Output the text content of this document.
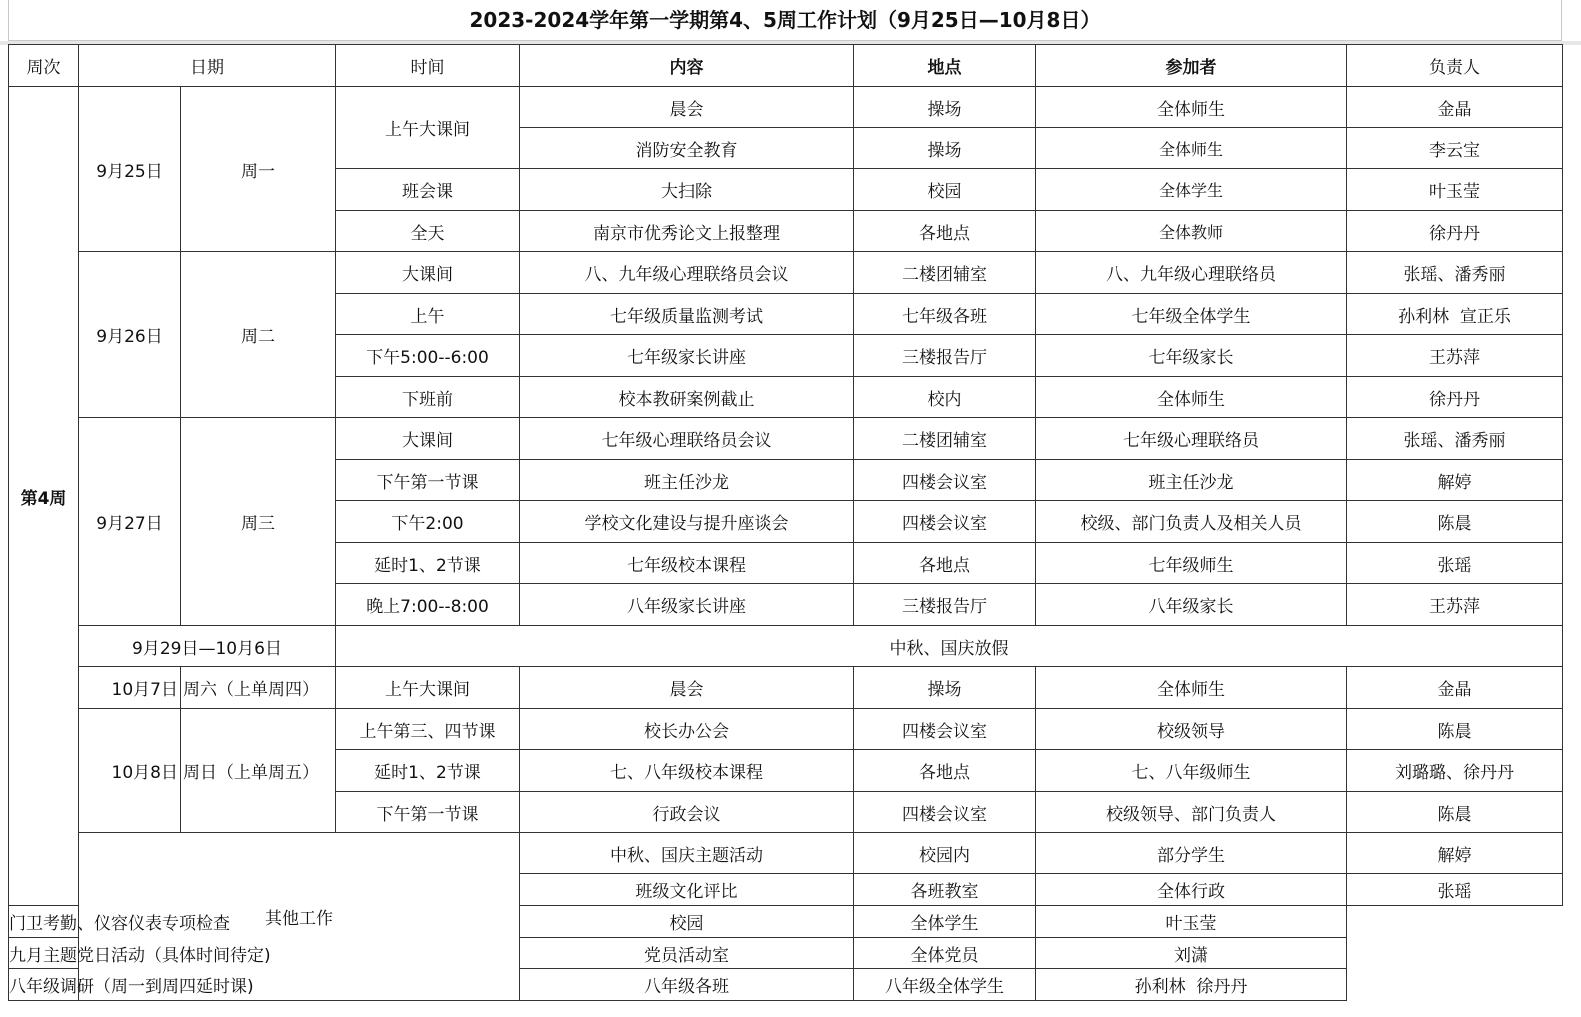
2023-2024学年第一学期第4、5周工作计划（9月25日—10月8日）
周次	日期		时间	内容	地点	参加者	负责人
第4周	9月25日	周一	上午大课间	晨会	操场	全体师生	金晶
				消防安全教育	操场	全体师生	李云宝
			班会课	大扫除	校园	全体学生	叶玉莹
			全天	南京市优秀论文上报整理	各地点	全体教师	徐丹丹
	9月26日	周二	大课间	八、九年级心理联络员会议	二楼团辅室	八、九年级心理联络员	张瑶、潘秀丽
			上午	七年级质量监测考试	七年级各班	七年级全体学生	孙利林  宣正乐
			下午5:00--6:00	七年级家长讲座	三楼报告厅	七年级家长	王苏萍
			下班前	校本教研案例截止	校内	全体师生	徐丹丹
	9月27日	周三	大课间	七年级心理联络员会议	二楼团辅室	七年级心理联络员	张瑶、潘秀丽
			下午第一节课	班主任沙龙	四楼会议室	班主任沙龙	解婷
			下午2:00	学校文化建设与提升座谈会	四楼会议室	校级、部门负责人及相关人员	陈晨
			延时1、2节课	七年级校本课程	各地点	七年级师生	张瑶
			晚上7:00--8:00	八年级家长讲座	三楼报告厅	八年级家长	王苏萍
	9月29日—10月6日		中秋、国庆放假				
	10月7日	周六（上单周四）	上午大课间	晨会	操场	全体师生	金晶
	10月8日	周日（上单周五）	上午第三、四节课	校长办公会	四楼会议室	校级领导	陈晨
			延时1、2节课	七、八年级校本课程	各地点	七、八年级师生	刘璐璐、徐丹丹
			下午第一节课	行政会议	四楼会议室	校级领导、部门负责人	陈晨
	其他工作			中秋、国庆主题活动	校园内	部分学生	解婷
				班级文化评比	各班教室	全体行政	张瑶
门卫考勤、仪容仪表专项检查				校园	全体学生	叶玉莹	
九月主题党日活动（具体时间待定)				党员活动室	全体党员	刘潇	
八年级调研（周一到周四延时课)				八年级各班	八年级全体学生	孙利林  徐丹丹	
